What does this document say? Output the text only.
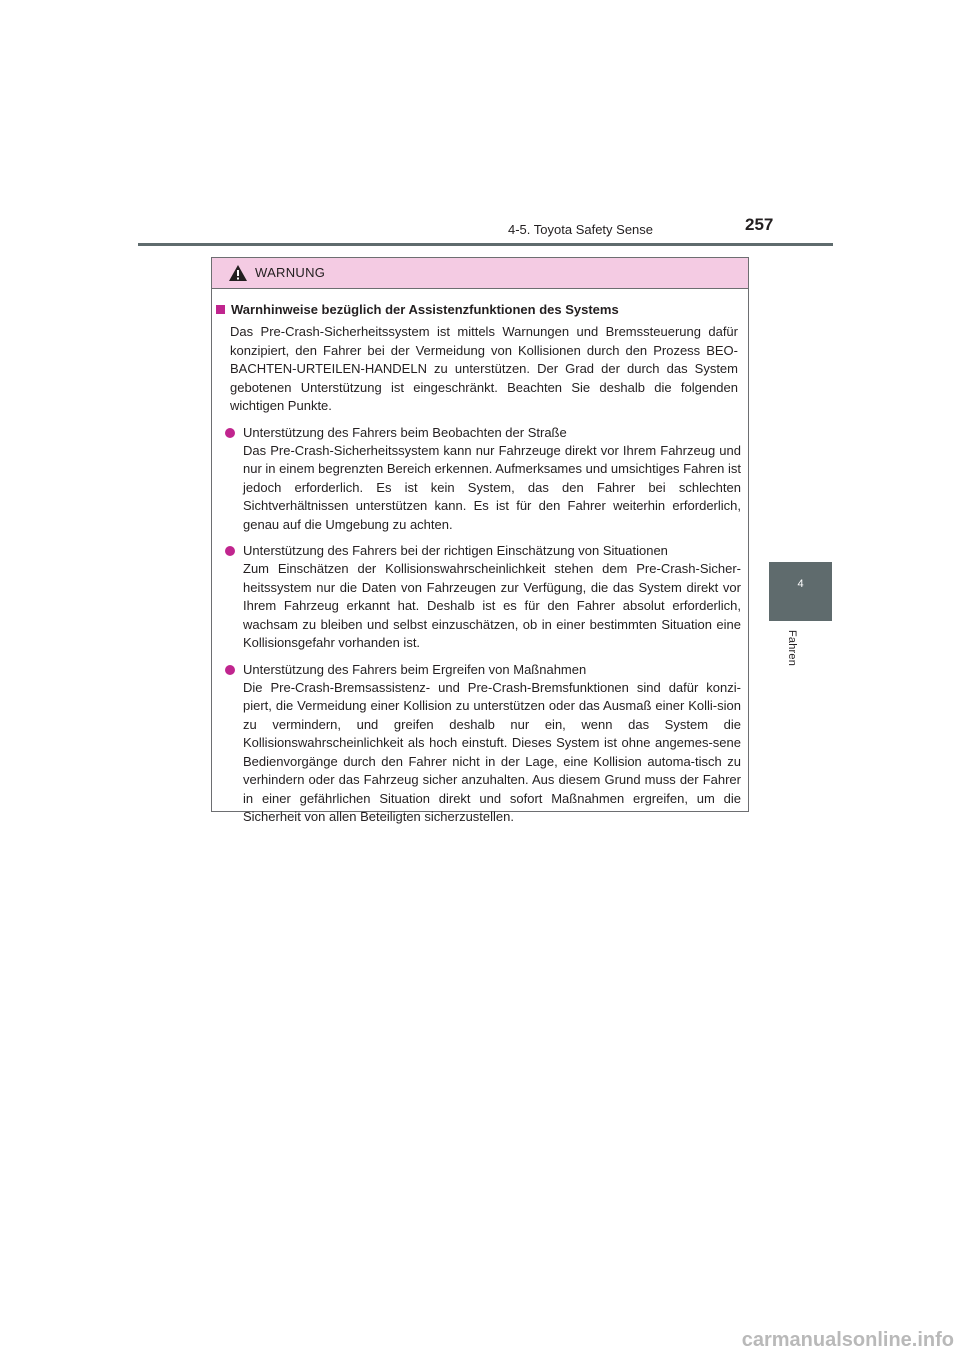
4-5. Toyota Safety Sense	257
4
Fahren
WARNUNG
Warnhinweise bezüglich der Assistenzfunktionen des Systems
Das Pre-Crash-Sicherheitssystem ist mittels Warnungen und Bremssteuerung dafür konzipiert, den Fahrer bei der Vermeidung von Kollisionen durch den Prozess BEO-BACHTEN-URTEILEN-HANDELN zu unterstützen. Der Grad der durch das System gebotenen Unterstützung ist eingeschränkt. Beachten Sie deshalb die folgenden wichtigen Punkte.
Unterstützung des Fahrers beim Beobachten der Straße
Das Pre-Crash-Sicherheitssystem kann nur Fahrzeuge direkt vor Ihrem Fahrzeug und nur in einem begrenzten Bereich erkennen. Aufmerksames und umsichtiges Fahren ist jedoch erforderlich. Es ist kein System, das den Fahrer bei schlechten Sichtverhältnissen unterstützen kann. Es ist für den Fahrer weiterhin erforderlich, genau auf die Umgebung zu achten.
Unterstützung des Fahrers bei der richtigen Einschätzung von Situationen
Zum Einschätzen der Kollisionswahrscheinlichkeit stehen dem Pre-Crash-Sicher-heitssystem nur die Daten von Fahrzeugen zur Verfügung, die das System direkt vor Ihrem Fahrzeug erkannt hat. Deshalb ist es für den Fahrer absolut erforderlich, wachsam zu bleiben und selbst einzuschätzen, ob in einer bestimmten Situation eine Kollisionsgefahr vorhanden ist.
Unterstützung des Fahrers beim Ergreifen von Maßnahmen
Die Pre-Crash-Bremsassistenz- und Pre-Crash-Bremsfunktionen sind dafür konzi-piert, die Vermeidung einer Kollision zu unterstützen oder das Ausmaß einer Kolli-sion zu vermindern, und greifen deshalb nur ein, wenn das System die Kollisionswahrscheinlichkeit als hoch einstuft. Dieses System ist ohne angemes-sene Bedienvorgänge durch den Fahrer nicht in der Lage, eine Kollision automa-tisch zu verhindern oder das Fahrzeug sicher anzuhalten. Aus diesem Grund muss der Fahrer in einer gefährlichen Situation direkt und sofort Maßnahmen ergreifen, um die Sicherheit von allen Beteiligten sicherzustellen.
carmanualsonline.info
